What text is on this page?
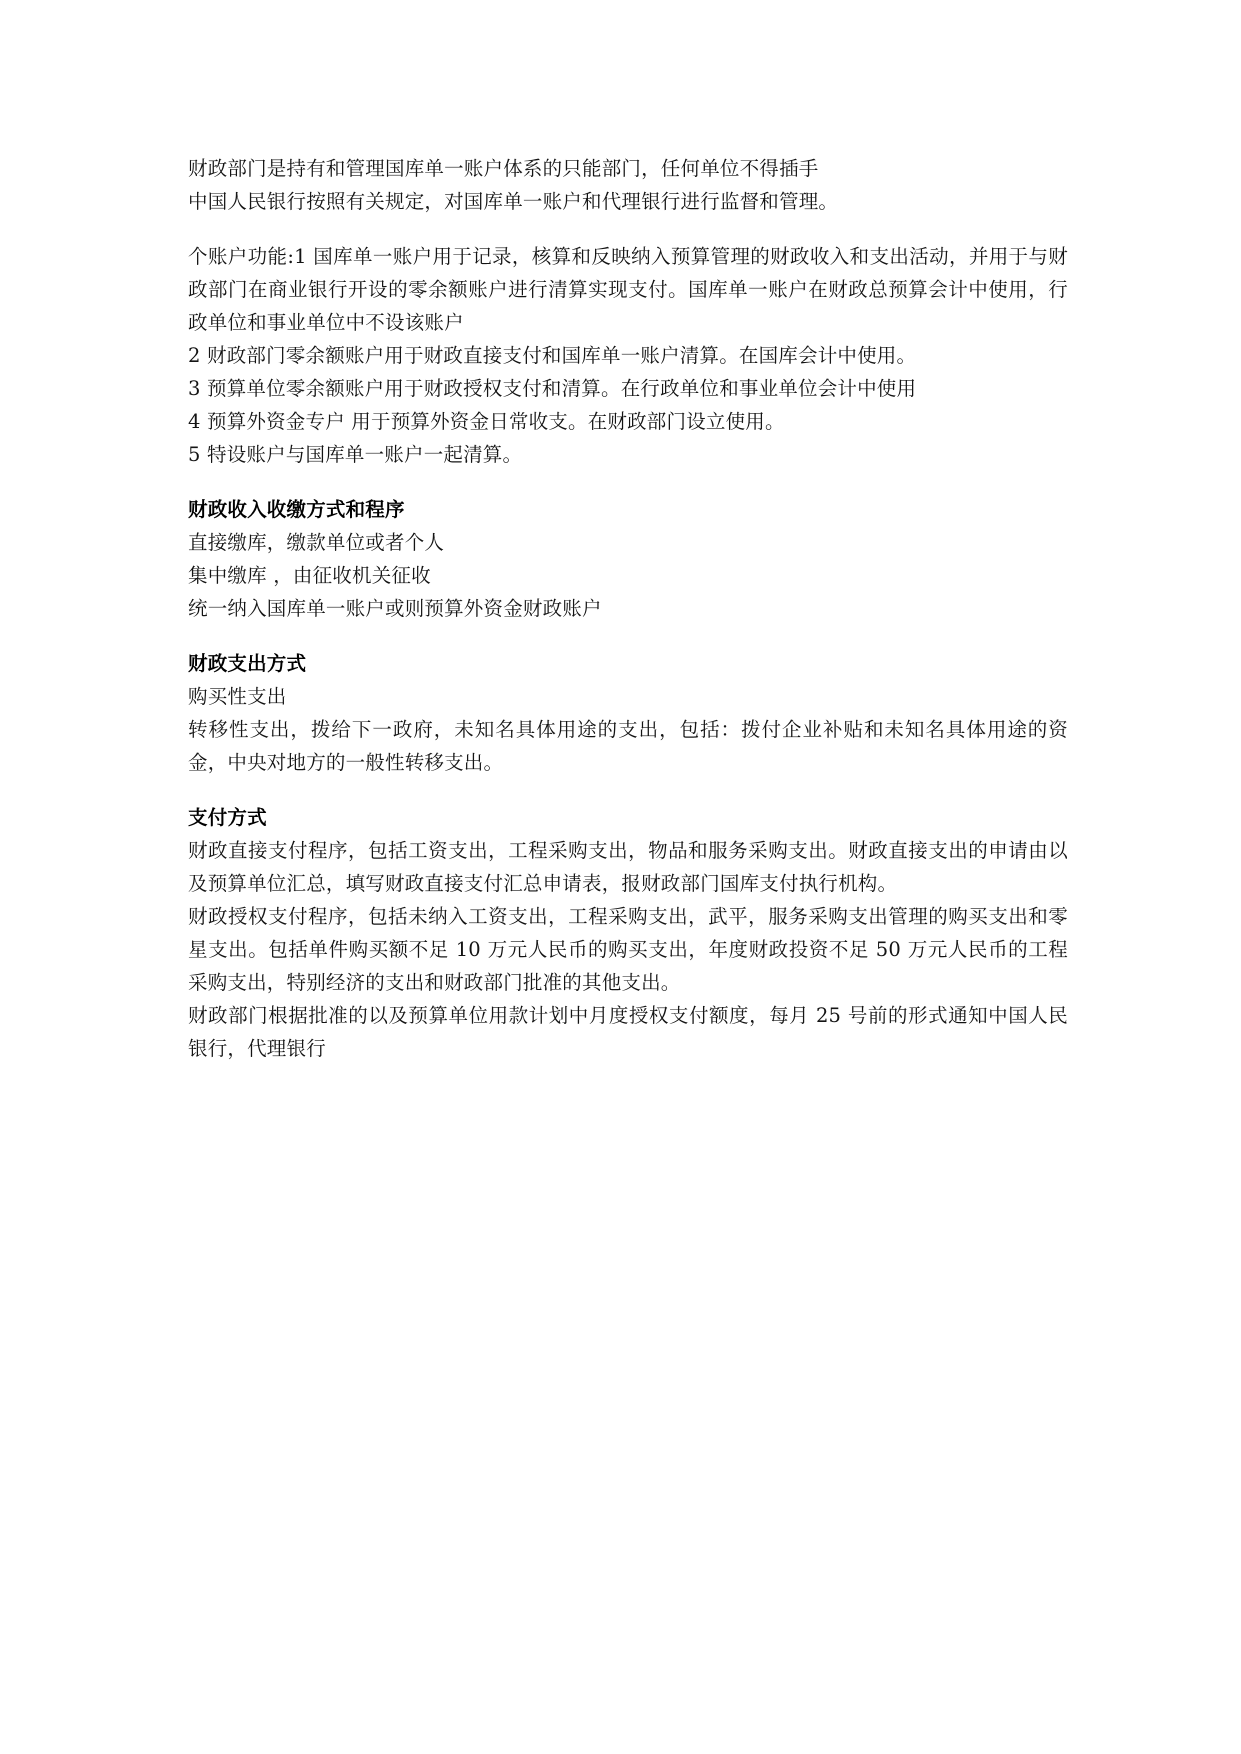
财政部门是持有和管理国库单一账户体系的只能部门，任何单位不得插手
中国人民银行按照有关规定，对国库单一账户和代理银行进行监督和管理。
个账户功能:1 国库单一账户用于记录，核算和反映纳入预算管理的财政收入和支出活动，并用于与财政部门在商业银行开设的零余额账户进行清算实现支付。国库单一账户在财政总预算会计中使用，行政单位和事业单位中不设该账户
2 财政部门零余额账户用于财政直接支付和国库单一账户清算。在国库会计中使用。
3 预算单位零余额账户用于财政授权支付和清算。在行政单位和事业单位会计中使用
4 预算外资金专户 用于预算外资金日常收支。在财政部门设立使用。
5 特设账户与国库单一账户一起清算。
财政收入收缴方式和程序
直接缴库，缴款单位或者个人
集中缴库 ，由征收机关征收
统一纳入国库单一账户或则预算外资金财政账户
财政支出方式
购买性支出
转移性支出，拨给下一政府，未知名具体用途的支出，包括：拨付企业补贴和未知名具体用途的资金，中央对地方的一般性转移支出。
支付方式
财政直接支付程序，包括工资支出，工程采购支出，物品和服务采购支出。财政直接支出的申请由以及预算单位汇总，填写财政直接支付汇总申请表，报财政部门国库支付执行机构。
财政授权支付程序，包括未纳入工资支出，工程采购支出，武平，服务采购支出管理的购买支出和零星支出。包括单件购买额不足 10 万元人民币的购买支出，年度财政投资不足 50 万元人民币的工程采购支出，特别经济的支出和财政部门批准的其他支出。
财政部门根据批准的以及预算单位用款计划中月度授权支付额度，每月 25 号前的形式通知中国人民银行，代理银行
